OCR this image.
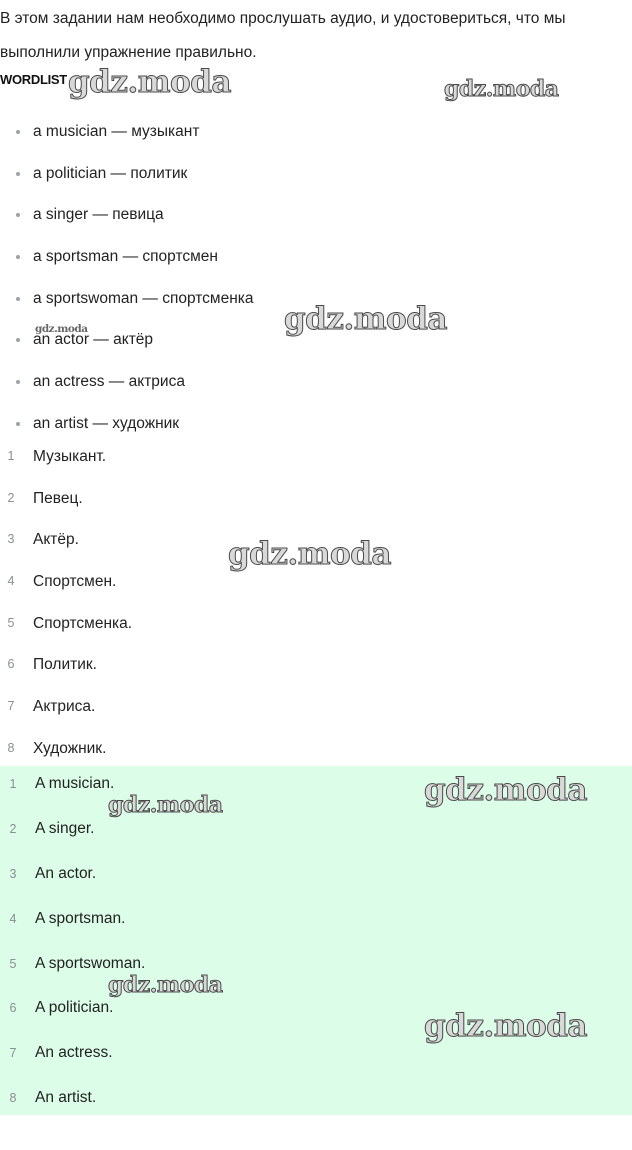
В этом задании нам необходимо прослушать аудио, и удостовериться, что мы выполнили упражнение правильно.
WORDLIST
a musician — музыкант
a politician — политик
a singer — певица
a sportsman — спортсмен
a sportswoman — спортсменка
an actor — актёр
an actress — актриса
an artist — художник
1	Музыкант.
2	Певец.
3	Актёр.
4	Спортсмен.
5	Спортсменка.
6	Политик.
7	Актриса.
8	Художник.
1	A musician.
2	A singer.
3	An actor.
4	A sportsman.
5	A sportswoman.
6	A politician.
7	An actress.
8	An artist.
gdz.moda	gdz.moda
gdz.moda
gdz.moda
gdz.moda
gdz.moda
gdz.moda
gdz.moda
gdz.moda
